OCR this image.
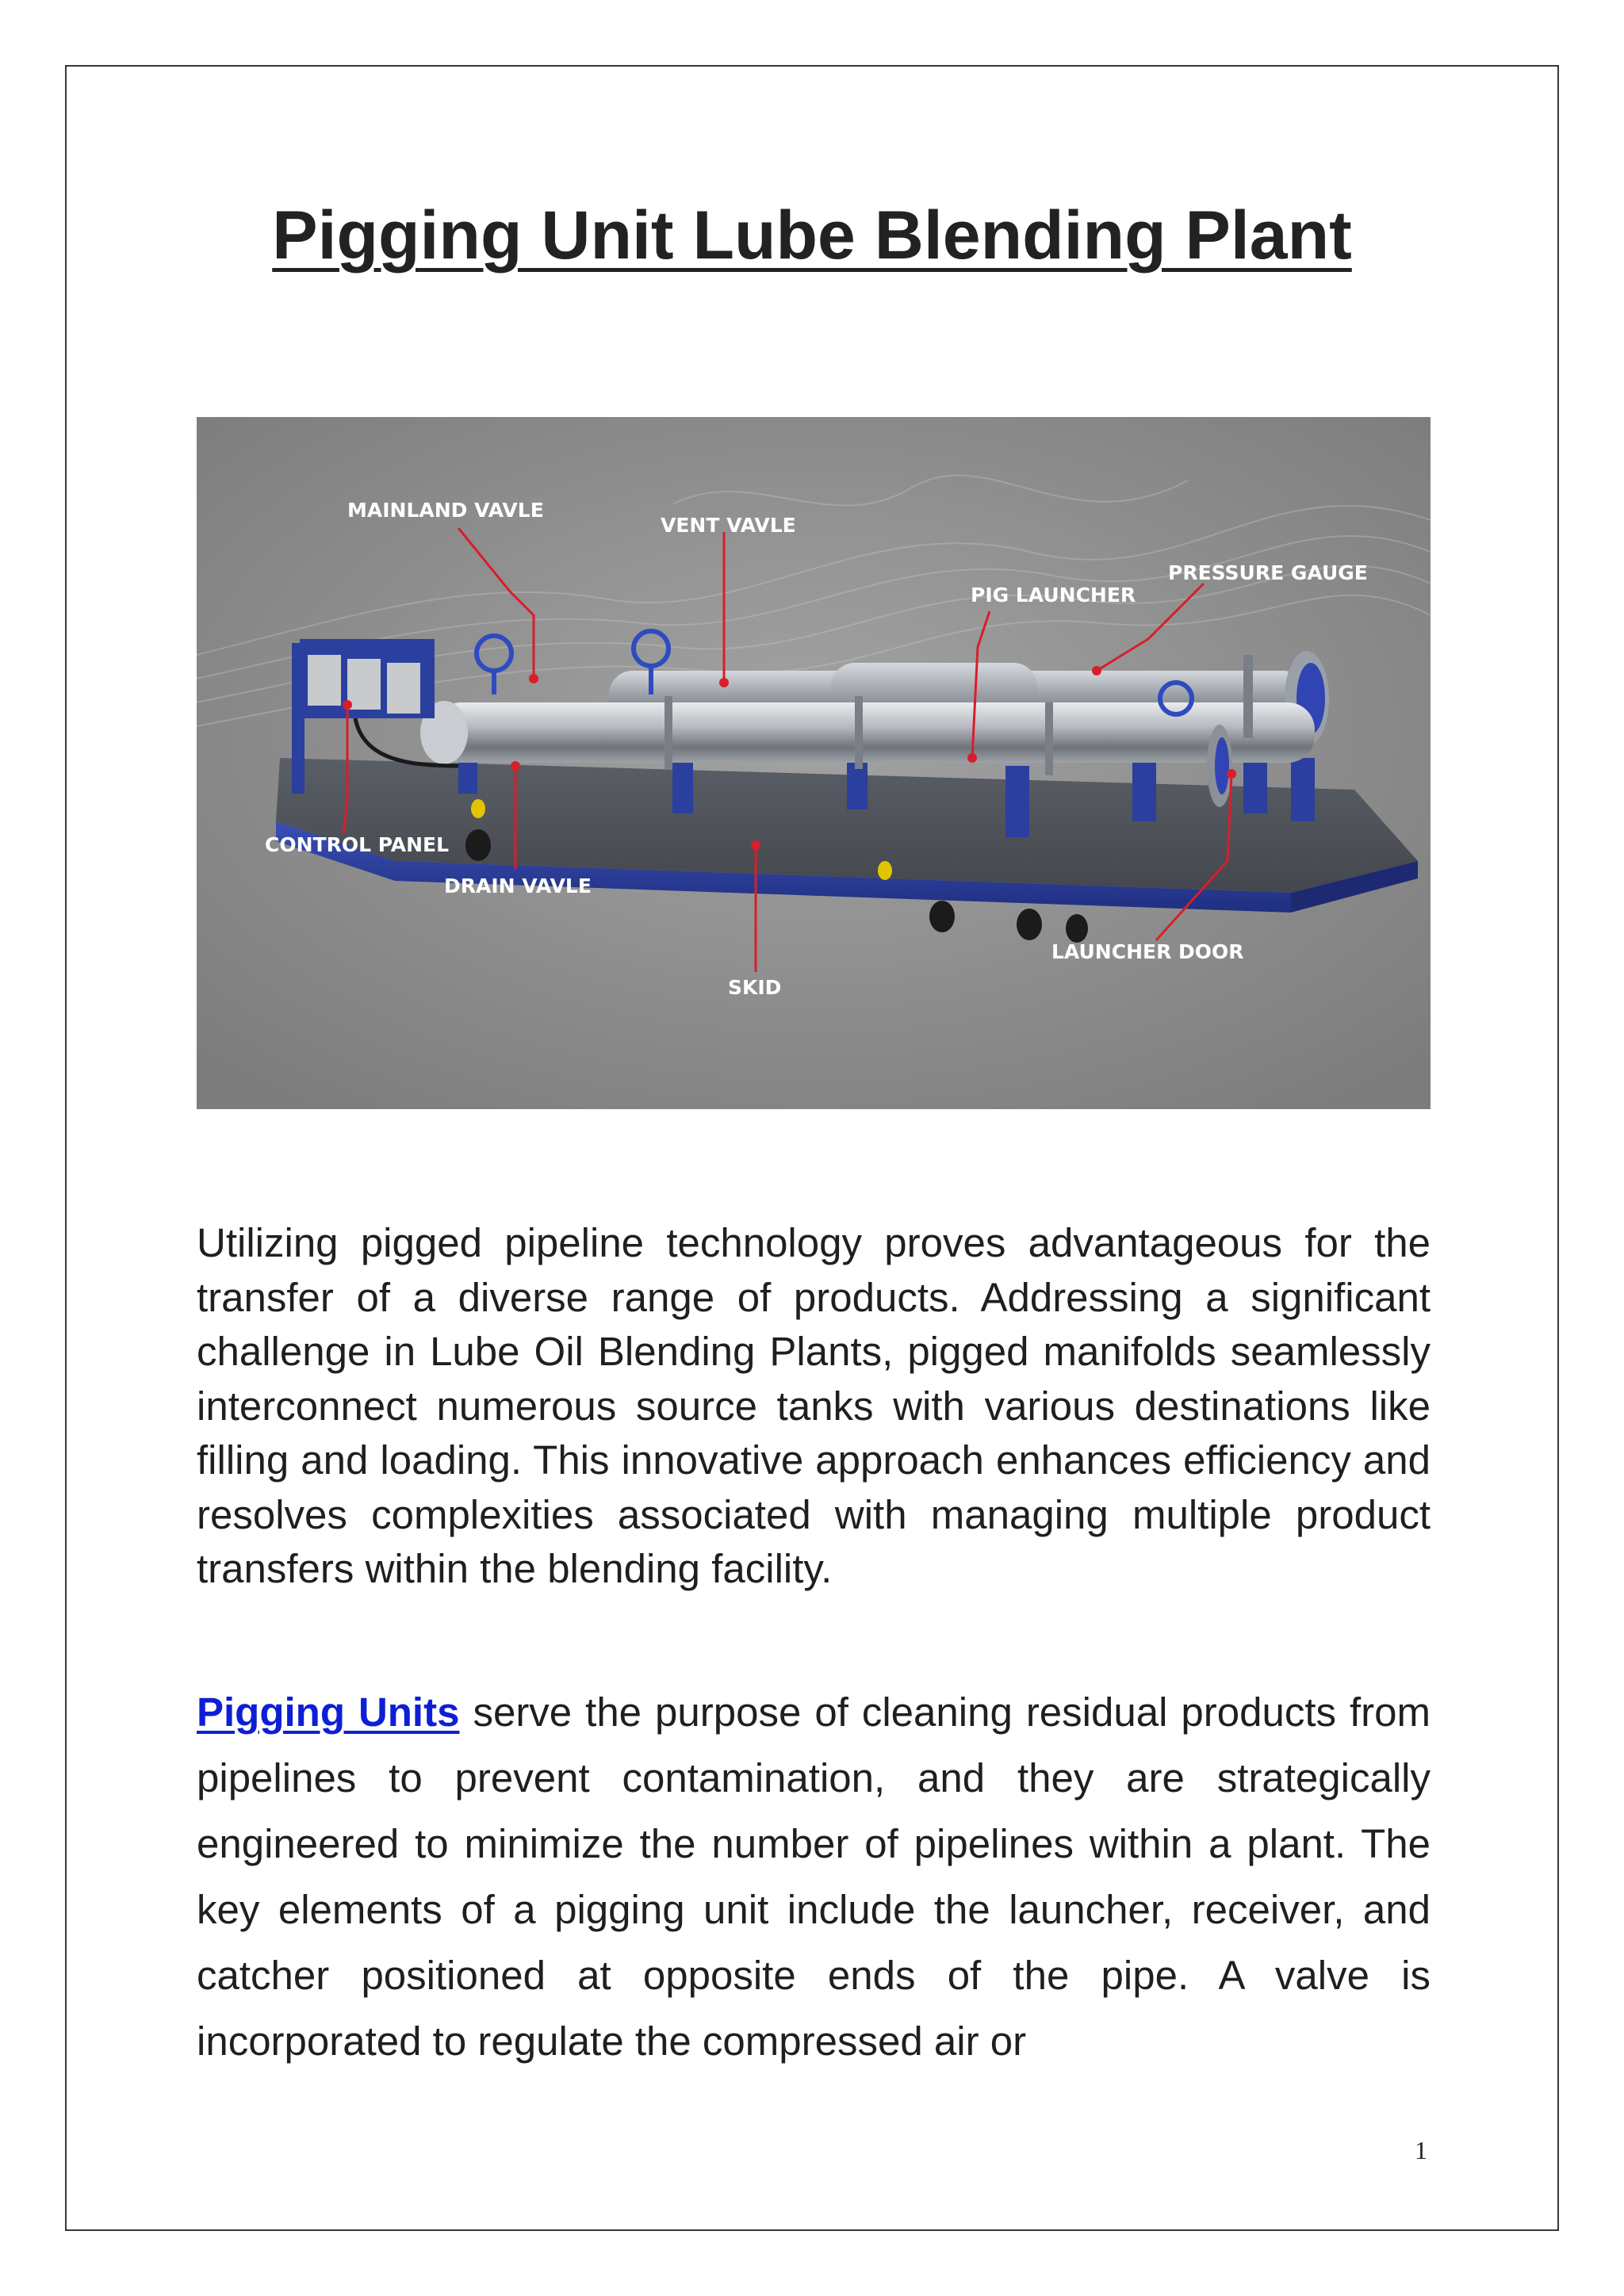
Pigging Unit Lube Blending Plant
MAINLAND VAVLE
VENT VAVLE
PRESSURE GAUGE
PIG LAUNCHER
CONTROL PANEL
DRAIN VAVLE
SKID
LAUNCHER DOOR

Utilizing pigged pipeline technology proves advantageous for the transfer of a diverse range of products. Addressing a significant challenge in Lube Oil Blending Plants, pigged manifolds seamlessly interconnect numerous source tanks with various destinations like filling and loading. This innovative approach enhances efficiency and resolves complexities associated with managing multiple product transfers within the blending facility.

Pigging Units serve the purpose of cleaning residual products from pipelines to prevent contamination, and they are strategically engineered to minimize the number of pipelines within a plant. The key elements of a pigging unit include the launcher, receiver, and catcher positioned at opposite ends of the pipe. A valve is incorporated to regulate the compressed air or

1
